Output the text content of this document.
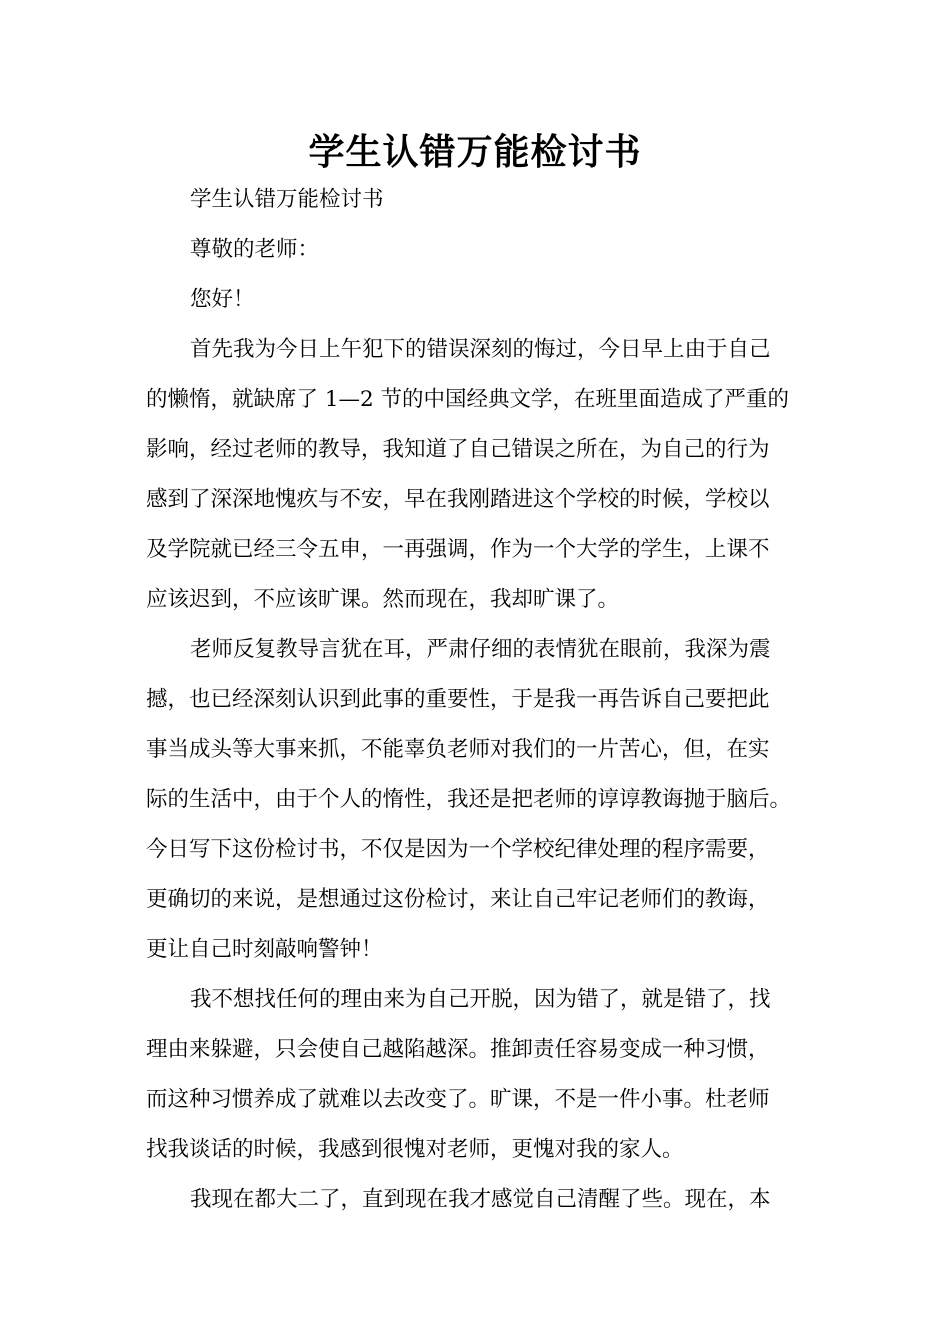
学生认错万能检讨书
学生认错万能检讨书
尊敬的老师：
您好！
首先我为今日上午犯下的错误深刻的悔过，今日早上由于自己
的懒惰，就缺席了 1—2 节的中国经典文学，在班里面造成了严重的
影响，经过老师的教导，我知道了自己错误之所在，为自己的行为
感到了深深地愧疚与不安，早在我刚踏进这个学校的时候，学校以
及学院就已经三令五申，一再强调，作为一个大学的学生，上课不
应该迟到，不应该旷课。然而现在，我却旷课了。
老师反复教导言犹在耳，严肃仔细的表情犹在眼前，我深为震
撼，也已经深刻认识到此事的重要性，于是我一再告诉自己要把此
事当成头等大事来抓，不能辜负老师对我们的一片苦心，但，在实
际的生活中，由于个人的惰性，我还是把老师的谆谆教诲抛于脑后。
今日写下这份检讨书，不仅是因为一个学校纪律处理的程序需要，
更确切的来说，是想通过这份检讨，来让自己牢记老师们的教诲，
更让自己时刻敲响警钟！
我不想找任何的理由来为自己开脱，因为错了，就是错了，找
理由来躲避，只会使自己越陷越深。推卸责任容易变成一种习惯，
而这种习惯养成了就难以去改变了。旷课，不是一件小事。杜老师
找我谈话的时候，我感到很愧对老师，更愧对我的家人。
我现在都大二了，直到现在我才感觉自己清醒了些。现在，本
